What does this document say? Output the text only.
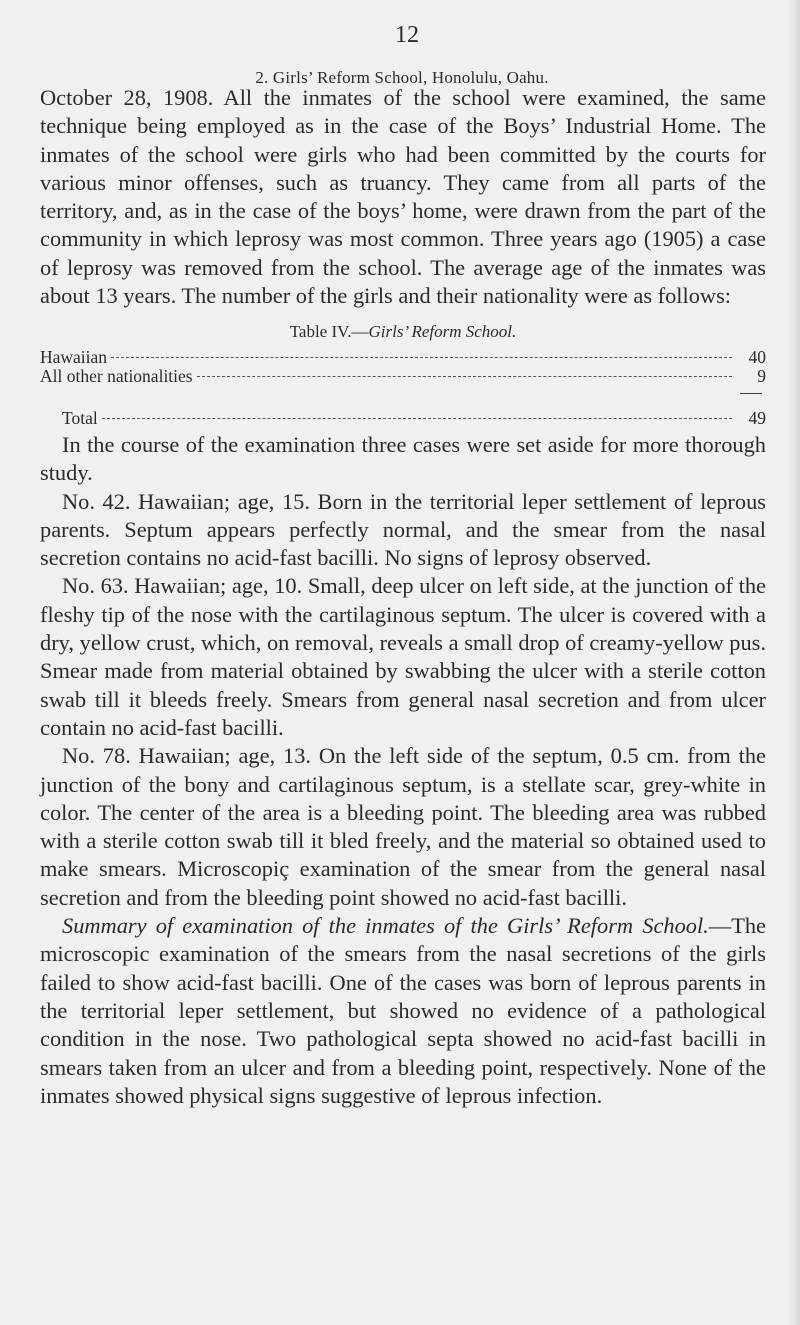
12
2. Girls’ Reform School, Honolulu, Oahu.
October 28, 1908. All the inmates of the school were examined, the same technique being employed as in the case of the Boys’ Industrial Home. The inmates of the school were girls who had been committed by the courts for various minor offenses, such as truancy. They came from all parts of the territory, and, as in the case of the boys’ home, were drawn from the part of the community in which leprosy was most common. Three years ago (1905) a case of leprosy was removed from the school. The average age of the inmates was about 13 years. The number of the girls and their nationality were as follows:
Table IV.—Girls’ Reform School.
Hawaiian	40
All other nationalities	9
Total	49
In the course of the examination three cases were set aside for more thorough study.
No. 42. Hawaiian; age, 15. Born in the territorial leper settlement of leprous parents. Septum appears perfectly normal, and the smear from the nasal secretion contains no acid-fast bacilli. No signs of leprosy observed.
No. 63. Hawaiian; age, 10. Small, deep ulcer on left side, at the junction of the fleshy tip of the nose with the cartilaginous septum. The ulcer is covered with a dry, yellow crust, which, on removal, reveals a small drop of creamy-yellow pus. Smear made from material obtained by swabbing the ulcer with a sterile cotton swab till it bleeds freely. Smears from general nasal secretion and from ulcer contain no acid-fast bacilli.
No. 78. Hawaiian; age, 13. On the left side of the septum, 0.5 cm. from the junction of the bony and cartilaginous septum, is a stellate scar, grey-white in color. The center of the area is a bleeding point. The bleeding area was rubbed with a sterile cotton swab till it bled freely, and the material so obtained used to make smears. Microscopiç examination of the smear from the general nasal secretion and from the bleeding point showed no acid-fast bacilli.
Summary of examination of the inmates of the Girls’ Reform School.—The microscopic examination of the smears from the nasal secretions of the girls failed to show acid-fast bacilli. One of the cases was born of leprous parents in the territorial leper settlement, but showed no evidence of a pathological condition in the nose. Two pathological septa showed no acid-fast bacilli in smears taken from an ulcer and from a bleeding point, respectively. None of the inmates showed physical signs suggestive of leprous infection.
